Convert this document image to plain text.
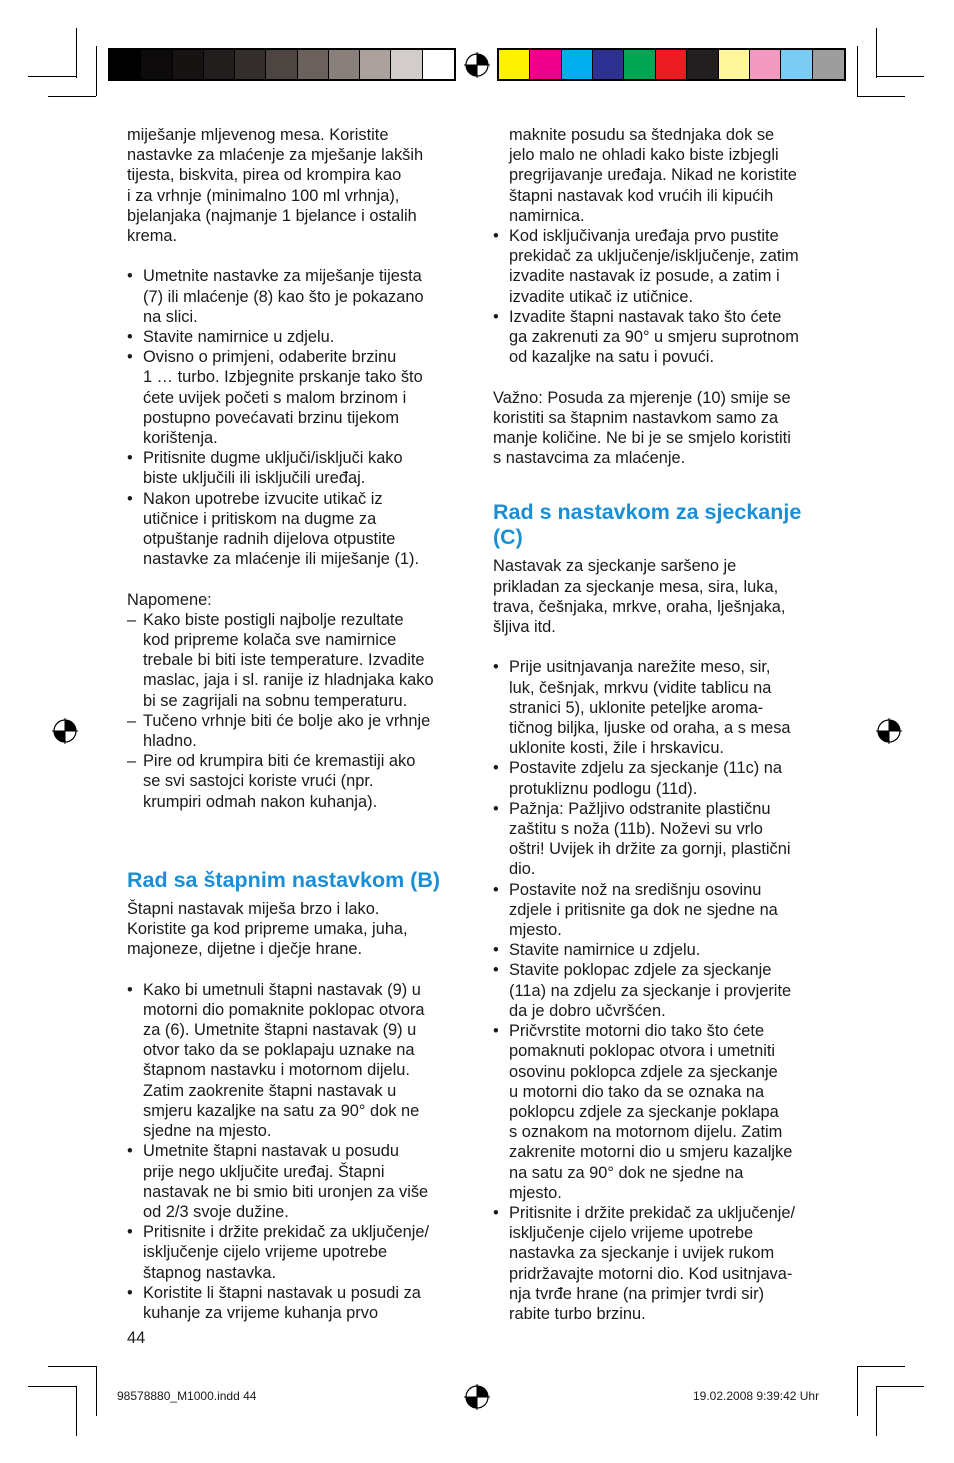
miješanje mljevenog mesa. Koristite
nastavke za mlaćenje za mješanje lakših
tijesta, biskvita, pirea od krompira kao
i za vrhnje (minimalno 100 ml vrhnja),
bjelanjaka (najmanje 1 bjelance i ostalih
krema.

• Umetnite nastavke za miješanje tijesta
(7) ili mlaćenje (8) kao što je pokazano
na slici.
• Stavite namirnice u zdjelu.
• Ovisno o primjeni, odaberite brzinu
1 … turbo. Izbjegnite prskanje tako što
ćete uvijek početi s malom brzinom i
postupno povećavati brzinu tijekom
korištenja.
• Pritisnite dugme uključi/isključi kako
biste uključili ili isključili uređaj.
• Nakon upotrebe izvucite utikač iz
utičnice i pritiskom na dugme za
otpuštanje radnih dijelova otpustite
nastavke za mlaćenje ili miješanje (1).

Napomene:

– Kako biste postigli najbolje rezultate
kod pripreme kolača sve namirnice
trebale bi biti iste temperature. Izvadite
maslac, jaja i sl. ranije iz hladnjaka kako
bi se zagrijali na sobnu temperaturu.
– Tučeno vrhnje biti će bolje ako je vrhnje
hladno.
– Pire od krumpira biti će kremastiji ako
se svi sastojci koriste vrući (npr.
krumpiri odmah nakon kuhanja).
Rad sa štapnim nastavkom (B)

Štapni nastavak miješa brzo i lako.
Koristite ga kod pripreme umaka, juha,
majoneze, dijetne i dječje hrane.

• Kako bi umetnuli štapni nastavak (9) u
motorni dio pomaknite poklopac otvora
za (6). Umetnite štapni nastavak (9) u
otvor tako da se poklapaju uznake na
štapnom nastavku i motornom dijelu.
Zatim zaokrenite štapni nastavak u
smjeru kazaljke na satu za 90° dok ne
sjedne na mjesto.
• Umetnite štapni nastavak u posudu
prije nego uključite uređaj. Štapni
nastavak ne bi smio biti uronjen za više
od 2/3 svoje dužine.
• Pritisnite i držite prekidač za uključenje/
isključenje cijelo vrijeme upotrebe
štapnog nastavka.
• Koristite li štapni nastavak u posudi za
kuhanje za vrijeme kuhanja prvo

maknite posudu sa štednjaka dok se
jelo malo ne ohladi kako biste izbjegli
pregrijavanje uređaja. Nikad ne koristite
štapni nastavak kod vrućih ili kipućih
namirnica.

• Kod isključivanja uređaja prvo pustite
prekidač za uključenje/isključenje, zatim
izvadite nastavak iz posude, a zatim i
izvadite utikač iz utičnice.
• Izvadite štapni nastavak tako što ćete
ga zakrenuti za 90° u smjeru suprotnom
od kazaljke na satu i povući.

Važno: Posuda za mjerenje (10) smije se
koristiti sa štapnim nastavkom samo za
manje količine. Ne bi je se smjelo koristiti
s nastavcima za mlaćenje.

Rad s nastavkom za sjeckanje
(C)

Nastavak za sjeckanje saršeno je
prikladan za sjeckanje mesa, sira, luka,
trava, češnjaka, mrkve, oraha, lješnjaka,
šljiva itd.

• Prije usitnjavanja narežite meso, sir,
luk, češnjak, mrkvu (vidite tablicu na
stranici 5), uklonite peteljke aroma-
tičnog bilјka, ljuske od oraha, a s mesa
uklonite kosti, žile i hrskavicu.
• Postavite zdjelu za sjeckanje (11c) na
protukliznu podlogu (11d).
• Pažnja: Pažljivo odstranite plastičnu
zaštitu s noža (11b). Noževi su vrlo
oštri! Uvijek ih držite za gornji, plastični
dio.
• Postavite nož na središnju osovinu
zdjele i pritisnite ga dok ne sjedne na
mjesto.
• Stavite namirnice u zdjelu.
• Stavite poklopac zdjele za sjeckanje
(11a) na zdjelu za sjeckanje i provjerite
da je dobro učvršćen.
• Pričvrstite motorni dio tako što ćete
pomaknuti poklopac otvora i umetniti
osovinu poklopca zdjele za sjeckanje
u motorni dio tako da se oznaka na
poklopcu zdjele za sjeckanje poklapa
s oznakom na motornom dijelu. Zatim
zakrenite motorni dio u smjeru kazaljke
na satu za 90° dok ne sjedne na
mjesto.
• Pritisnite i držite prekidač za uključenje/
isključenje cijelo vrijeme upotrebe
nastavka za sjeckanje i uvijek rukom
pridržavajte motorni dio. Kod usitnjava-
nja tvrđe hrane (na primjer tvrdi sir)
rabite turbo brzinu.
44
98578880_M1000.indd 44	19.02.2008 9:39:42 Uhr
